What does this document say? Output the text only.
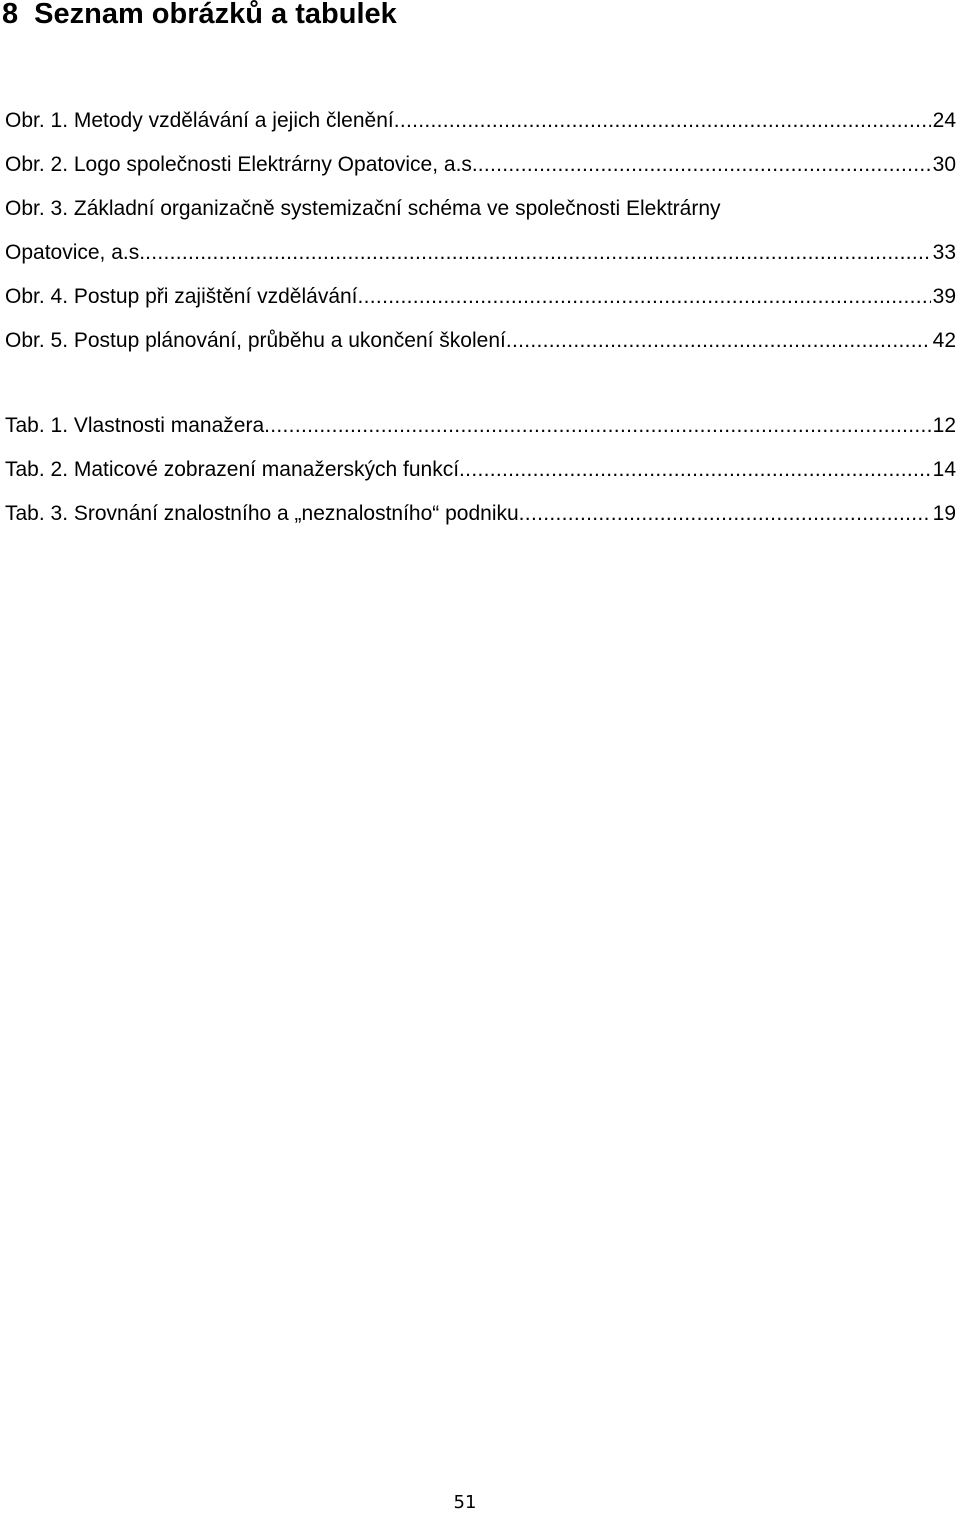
8 Seznam obrázků a tabulek
Obr. 1. Metody vzdělávání a jejich členění .....	24
Obr. 2. Logo společnosti Elektrárny Opatovice, a.s. .....	30
Obr. 3. Základní organizačně systemizační schéma ve společnosti Elektrárny
Opatovice, a.s. .....	33
Obr. 4. Postup při zajištění vzdělávání .....	39
Obr. 5. Postup plánování, průběhu a ukončení školení .....	42
Tab. 1. Vlastnosti manažera .....	12
Tab. 2. Maticové zobrazení manažerských funkcí .....	14
Tab. 3. Srovnání znalostního a „neznalostního“ podniku .....	19
51
